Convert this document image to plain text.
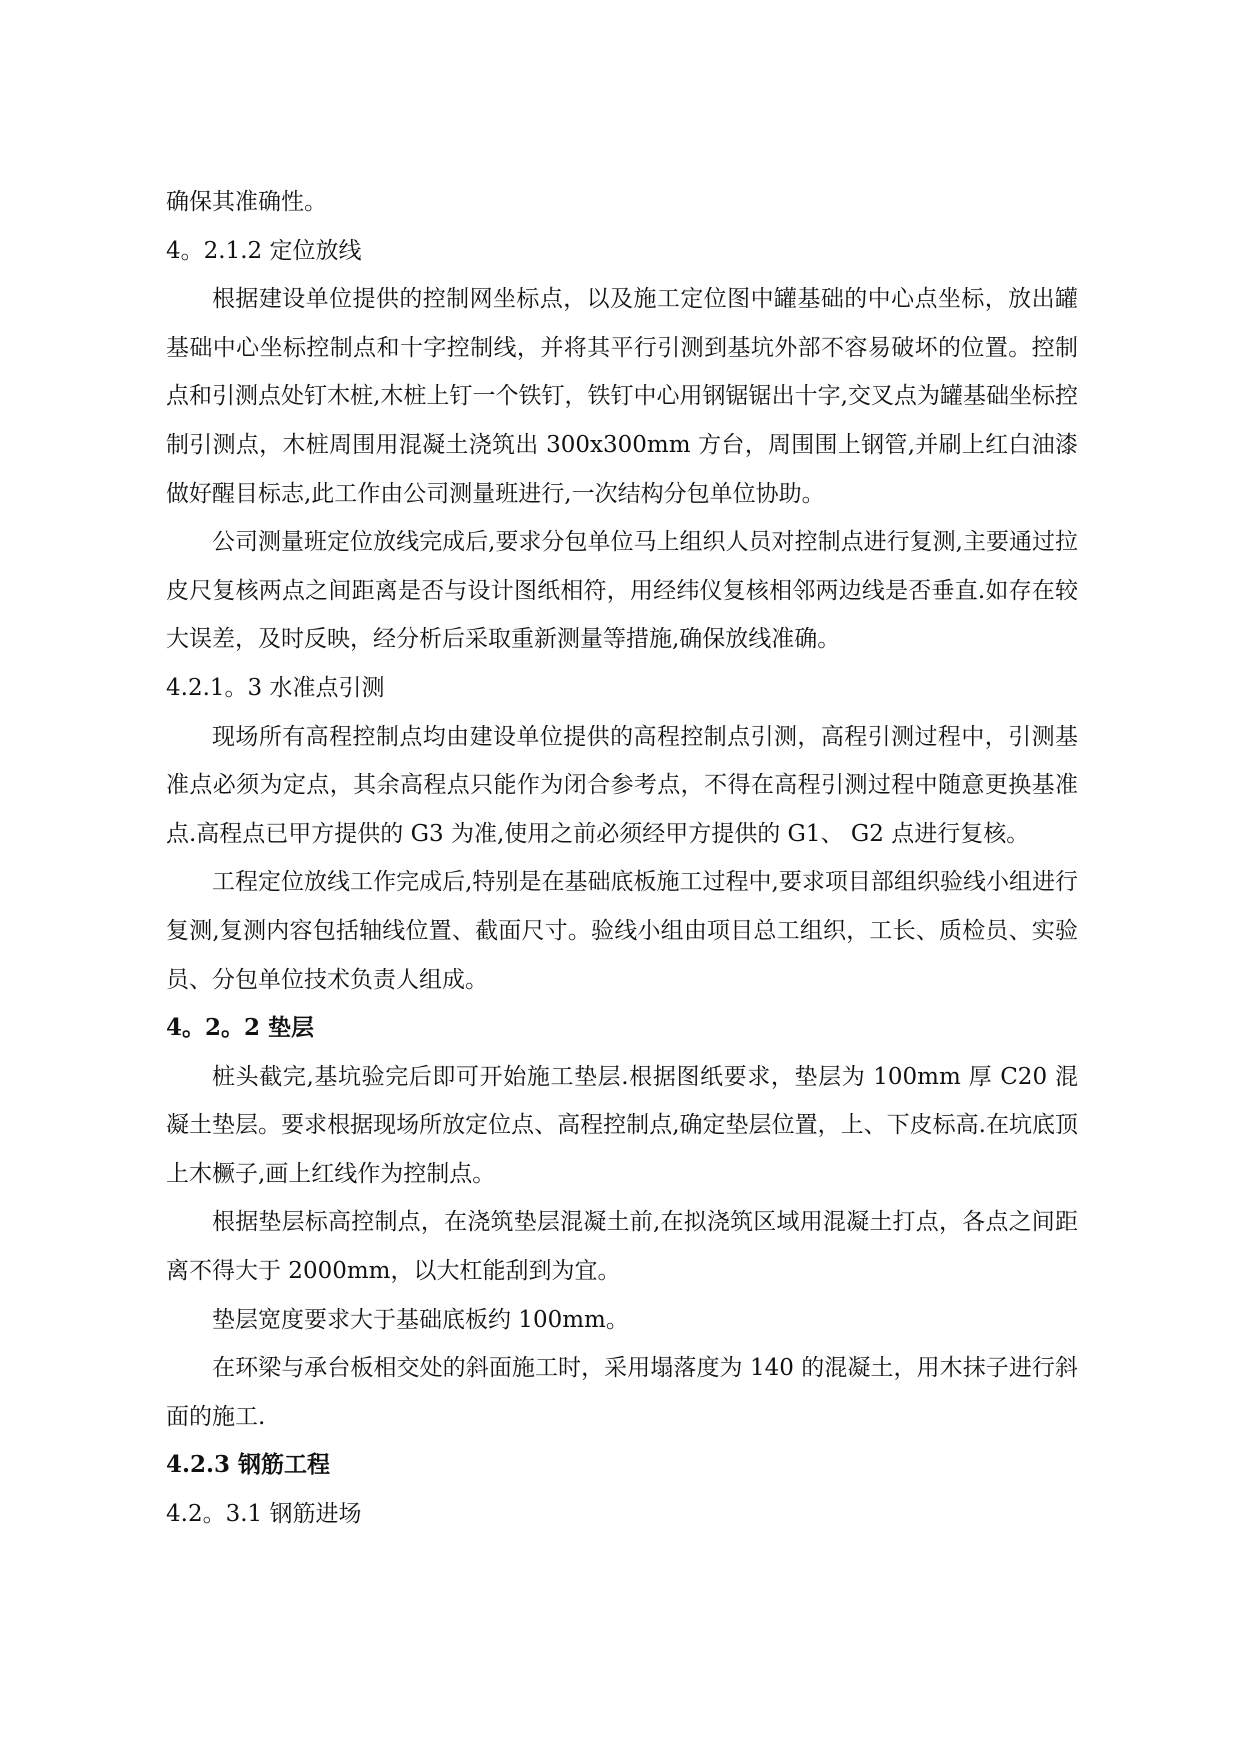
确保其准确性。

4。2.1.2 定位放线

根据建设单位提供的控制网坐标点，以及施工定位图中罐基础的中心点坐标，放出罐基础中心坐标控制点和十字控制线，并将其平行引测到基坑外部不容易破坏的位置。控制点和引测点处钉木桩,木桩上钉一个铁钉，铁钉中心用钢锯锯出十字,交叉点为罐基础坐标控制引测点，木桩周围用混凝土浇筑出 300x300mm 方台，周围围上钢管,并刷上红白油漆做好醒目标志,此工作由公司测量班进行,一次结构分包单位协助。

公司测量班定位放线完成后,要求分包单位马上组织人员对控制点进行复测,主要通过拉皮尺复核两点之间距离是否与设计图纸相符，用经纬仪复核相邻两边线是否垂直.如存在较大误差，及时反映，经分析后采取重新测量等措施,确保放线准确。

4.2.1。3 水准点引测

现场所有高程控制点均由建设单位提供的高程控制点引测，高程引测过程中，引测基准点必须为定点，其余高程点只能作为闭合参考点，不得在高程引测过程中随意更换基准点.高程点已甲方提供的 G3 为准,使用之前必须经甲方提供的 G1、 G2 点进行复核。

工程定位放线工作完成后,特别是在基础底板施工过程中,要求项目部组织验线小组进行复测,复测内容包括轴线位置、截面尺寸。验线小组由项目总工组织，工长、质检员、实验员、分包单位技术负责人组成。

4。2。2 垫层

桩头截完,基坑验完后即可开始施工垫层.根据图纸要求，垫层为 100mm 厚 C20 混凝土垫层。要求根据现场所放定位点、高程控制点,确定垫层位置，上、下皮标高.在坑底顶上木橛子,画上红线作为控制点。

根据垫层标高控制点，在浇筑垫层混凝土前,在拟浇筑区域用混凝土打点，各点之间距离不得大于 2000mm，以大杠能刮到为宜。

垫层宽度要求大于基础底板约 100mm。

在环梁与承台板相交处的斜面施工时，采用塌落度为 140 的混凝土，用木抹子进行斜面的施工.

4.2.3 钢筋工程
4.2。3.1 钢筋进场
